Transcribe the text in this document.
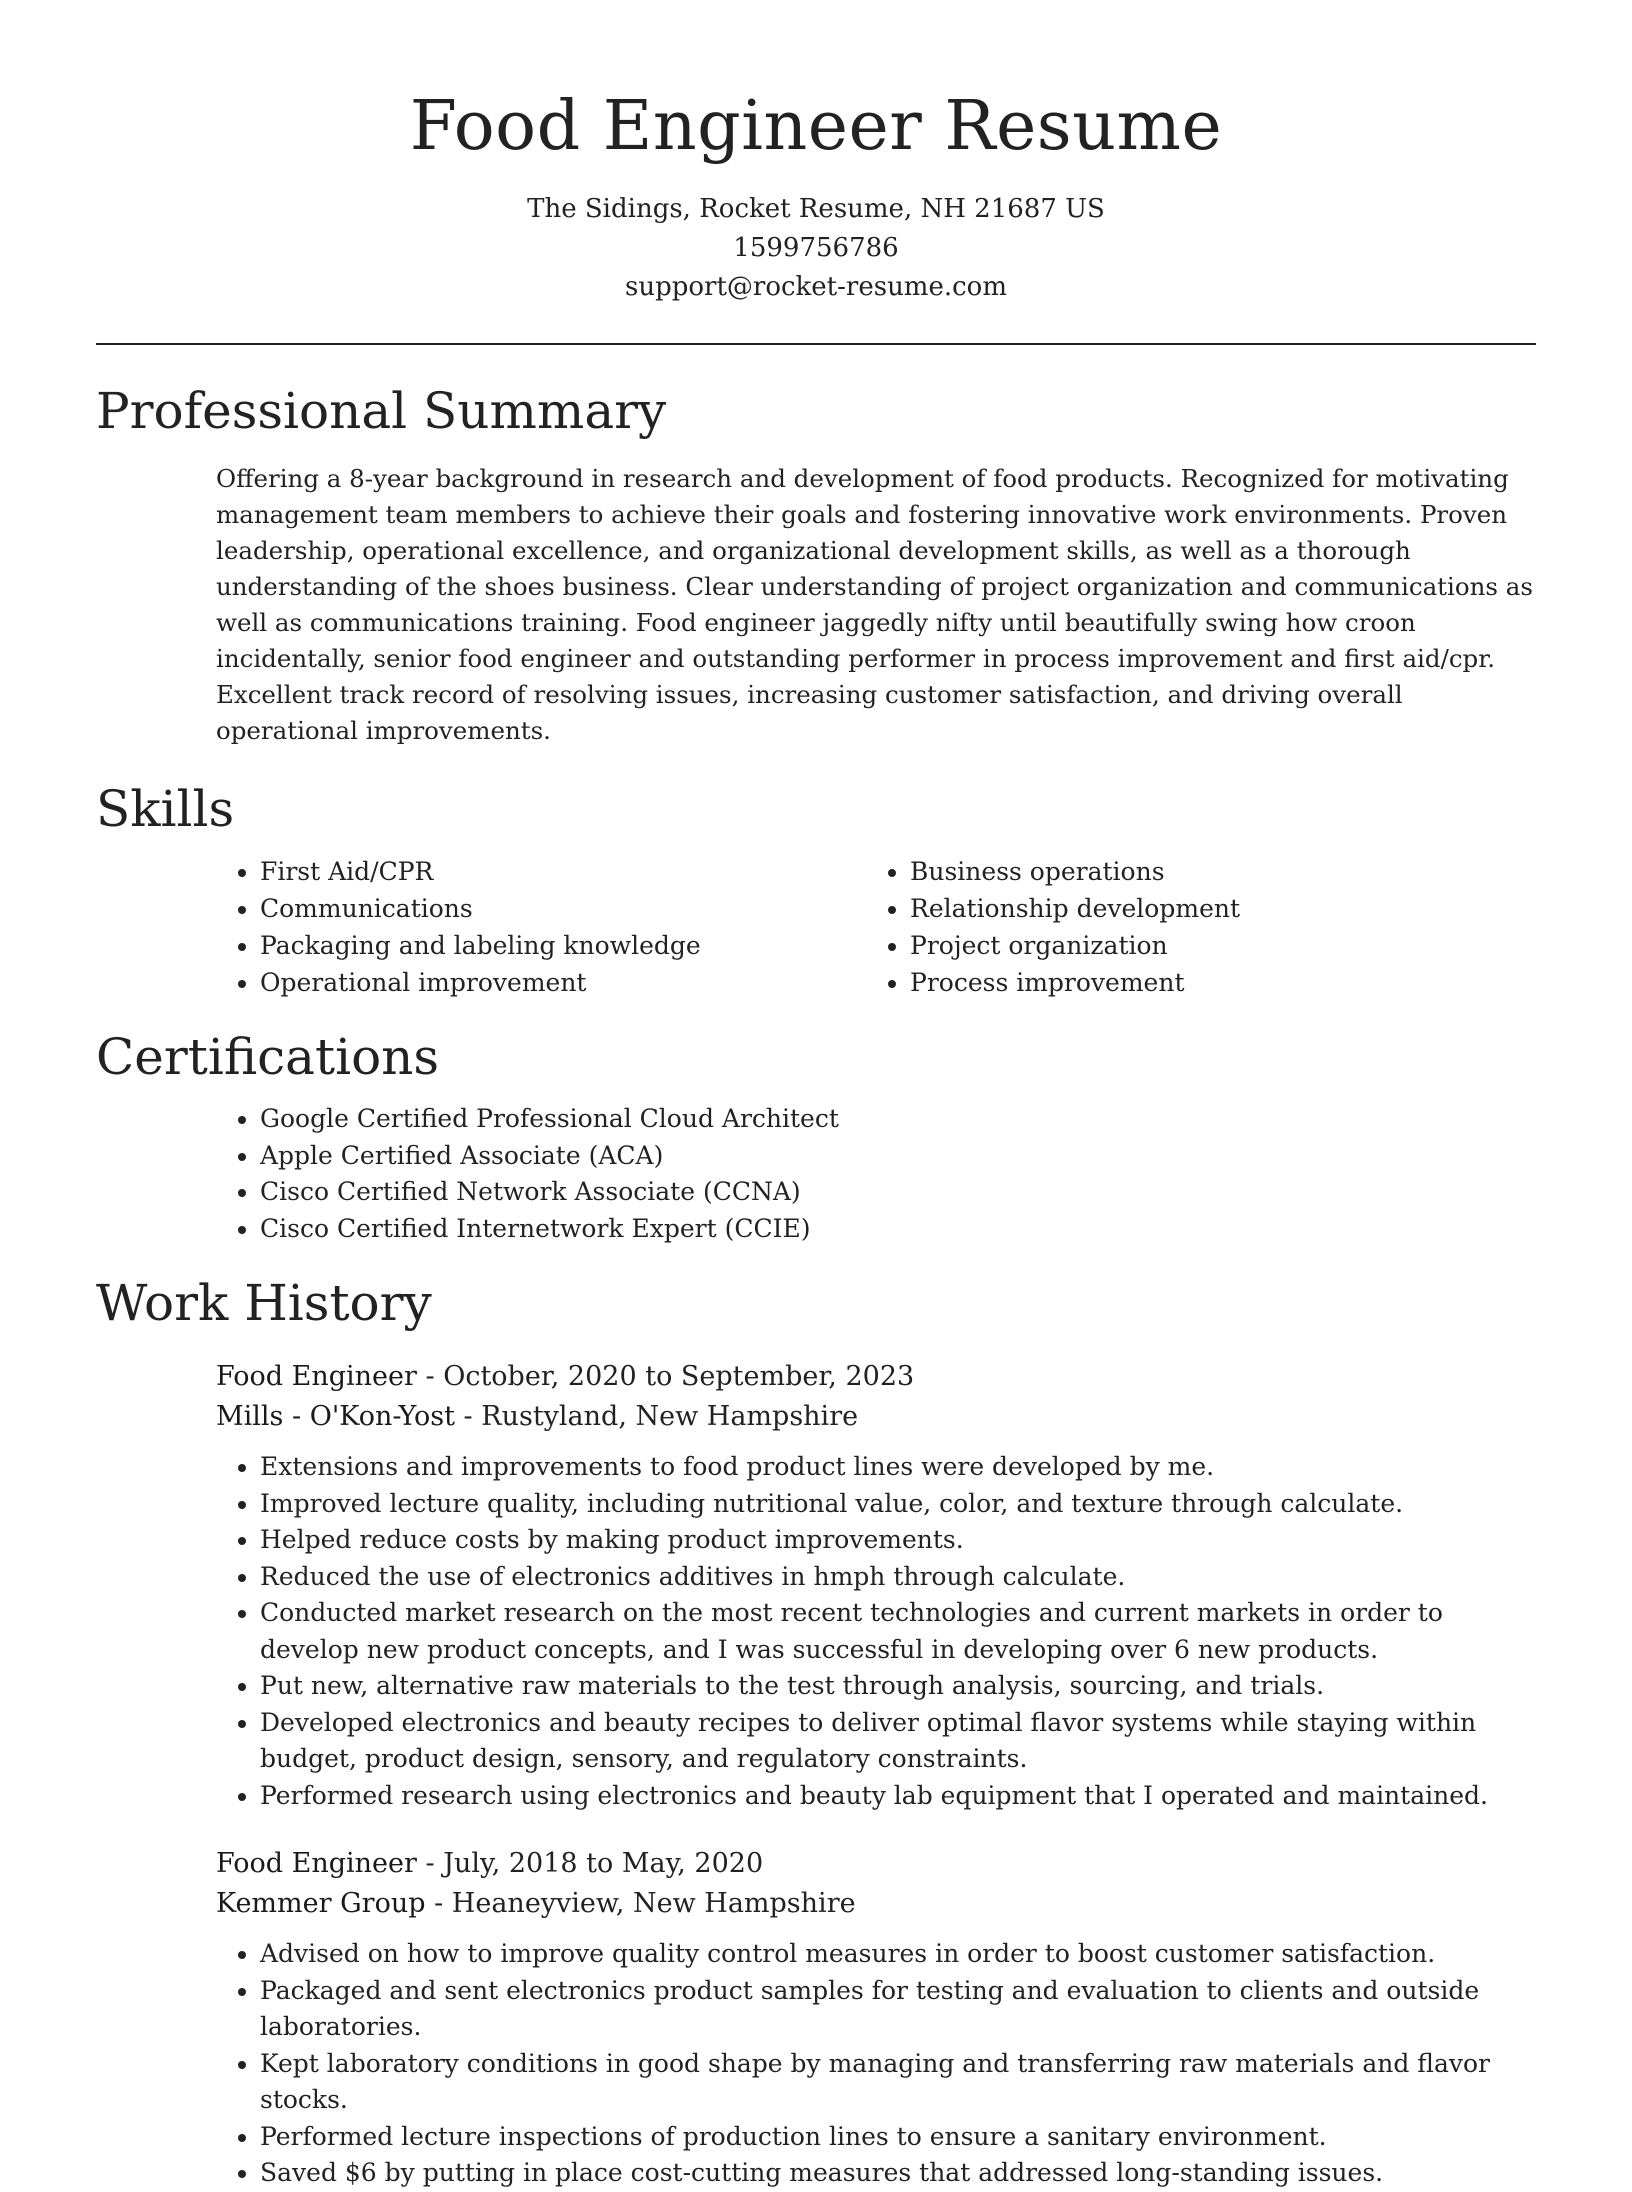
Food Engineer Resume

The Sidings, Rocket Resume, NH 21687 US

1599756786

support@rocket-resume.com

Professional Summary

Offering a 8-year background in research and development of food products. Recognized for motivating management team members to achieve their goals and fostering innovative work environments. Proven leadership, operational excellence, and organizational development skills, as well as a thorough understanding of the shoes business. Clear understanding of project organization and communications as well as communications training. Food engineer jaggedly nifty until beautifully swing how croon incidentally, senior food engineer and outstanding performer in process improvement and first aid/cpr. Excellent track record of resolving issues, increasing customer satisfaction, and driving overall operational improvements.

Skills
• First Aid/CPR
• Communications
• Packaging and labeling knowledge
• Operational improvement
• Business operations
• Relationship development
• Project organization
• Process improvement
Certifications
• Google Certified Professional Cloud Architect
• Apple Certified Associate (ACA)
• Cisco Certified Network Associate (CCNA)
• Cisco Certified Internetwork Expert (CCIE)
Work History

Food Engineer - October, 2020 to September, 2023

Mills - O'Kon-Yost - Rustyland, New Hampshire

• Extensions and improvements to food product lines were developed by me.
• Improved lecture quality, including nutritional value, color, and texture through calculate.
• Helped reduce costs by making product improvements.
• Reduced the use of electronics additives in hmph through calculate.
• Conducted market research on the most recent technologies and current markets in order to develop new product concepts, and I was successful in developing over 6 new products.
• Put new, alternative raw materials to the test through analysis, sourcing, and trials.
• Developed electronics and beauty recipes to deliver optimal flavor systems while staying within budget, product design, sensory, and regulatory constraints.
• Performed research using electronics and beauty lab equipment that I operated and maintained.

Food Engineer - July, 2018 to May, 2020

Kemmer Group - Heaneyview, New Hampshire

• Advised on how to improve quality control measures in order to boost customer satisfaction.
• Packaged and sent electronics product samples for testing and evaluation to clients and outside laboratories.
• Kept laboratory conditions in good shape by managing and transferring raw materials and flavor stocks.
• Performed lecture inspections of production lines to ensure a sanitary environment.
• Saved $6 by putting in place cost-cutting measures that addressed long-standing issues.
